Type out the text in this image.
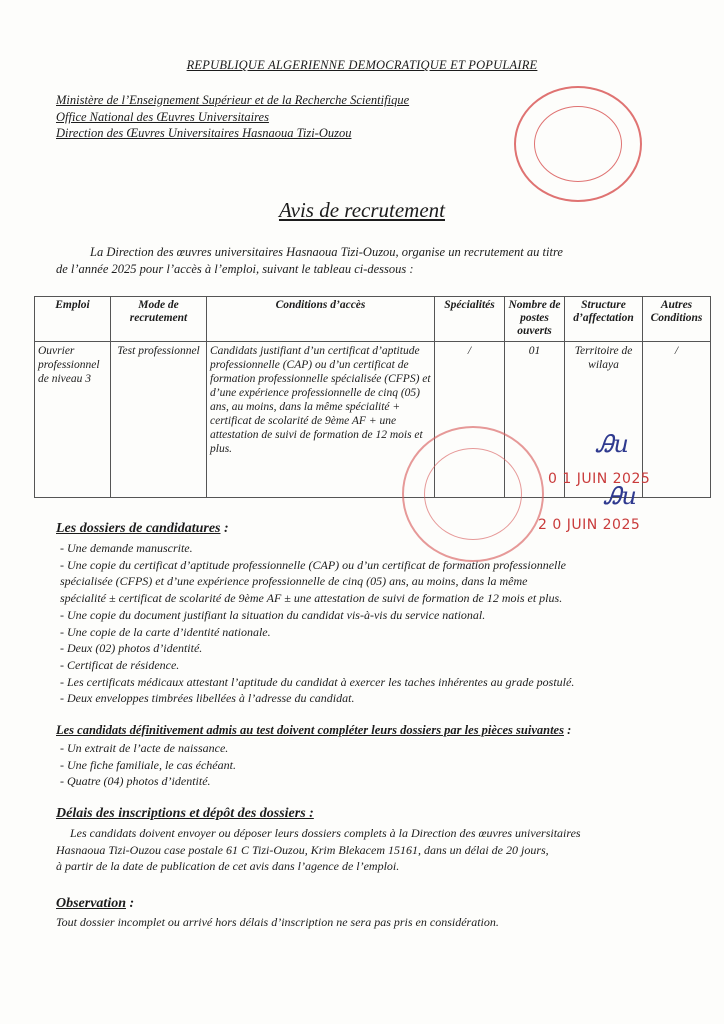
REPUBLIQUE ALGERIENNE DEMOCRATIQUE ET POPULAIRE
Ministère de l’Enseignement Supérieur et de la Recherche Scientifique
Office National des Œuvres Universitaires
Direction des Œuvres Universitaires Hasnaoua Tizi-Ouzou
Avis de recrutement
La Direction des œuvres universitaires Hasnaoua Tizi-Ouzou, organise un recrutement au titre
de l’année 2025 pour l’accès à l’emploi, suivant le tableau ci-dessous :
Emploi	Mode de recrutement	Conditions d’accès	Spécialités	Nombre de postes ouverts	Structure d’affectation	Autres Conditions
Ouvrier professionnel de niveau 3	Test professionnel	Candidats justifiant d’un certificat d’aptitude professionnelle (CAP) ou d’un certificat de formation professionnelle spécialisée (CFPS) et d’une expérience professionnelle de cinq (05) ans, au moins, dans la même spécialité + certificat de scolarité de 9ème AF + une attestation de suivi de formation de 12 mois et plus.	/	01	Territoire de wilaya	/
Ꭿu
0 1 JUIN 2025
Ꭿu
2 0 JUIN 2025
Les dossiers de candidatures :
- Une demande manuscrite.
- Une copie du certificat d’aptitude professionnelle (CAP) ou d’un certificat de formation professionnelle
spécialisée (CFPS) et d’une expérience professionnelle de cinq (05) ans, au moins, dans la même
spécialité ± certificat de scolarité de 9ème AF ± une attestation de suivi de formation de 12 mois et plus.
- Une copie du document justifiant la situation du candidat vis-à-vis du service national.
- Une copie de la carte d’identité nationale.
- Deux (02) photos d’identité.
- Certificat de résidence.
- Les certificats médicaux attestant l’aptitude du candidat à exercer les taches inhérentes au grade postulé.
- Deux enveloppes timbrées libellées à l’adresse du candidat.
Les candidats définitivement admis au test doivent compléter leurs dossiers par les pièces suivantes :
- Un extrait de l’acte de naissance.
- Une fiche familiale, le cas échéant.
- Quatre (04) photos d’identité.
Délais des inscriptions et dépôt des dossiers :
Les candidats doivent envoyer ou déposer leurs dossiers complets à la Direction des œuvres universitaires
Hasnaoua Tizi-Ouzou case postale 61 C Tizi-Ouzou, Krim Blekacem 15161, dans un délai de 20 jours,
à partir de la date de publication de cet avis dans l’agence de l’emploi.
Observation :
Tout dossier incomplet ou arrivé hors délais d’inscription ne sera pas pris en considération.
